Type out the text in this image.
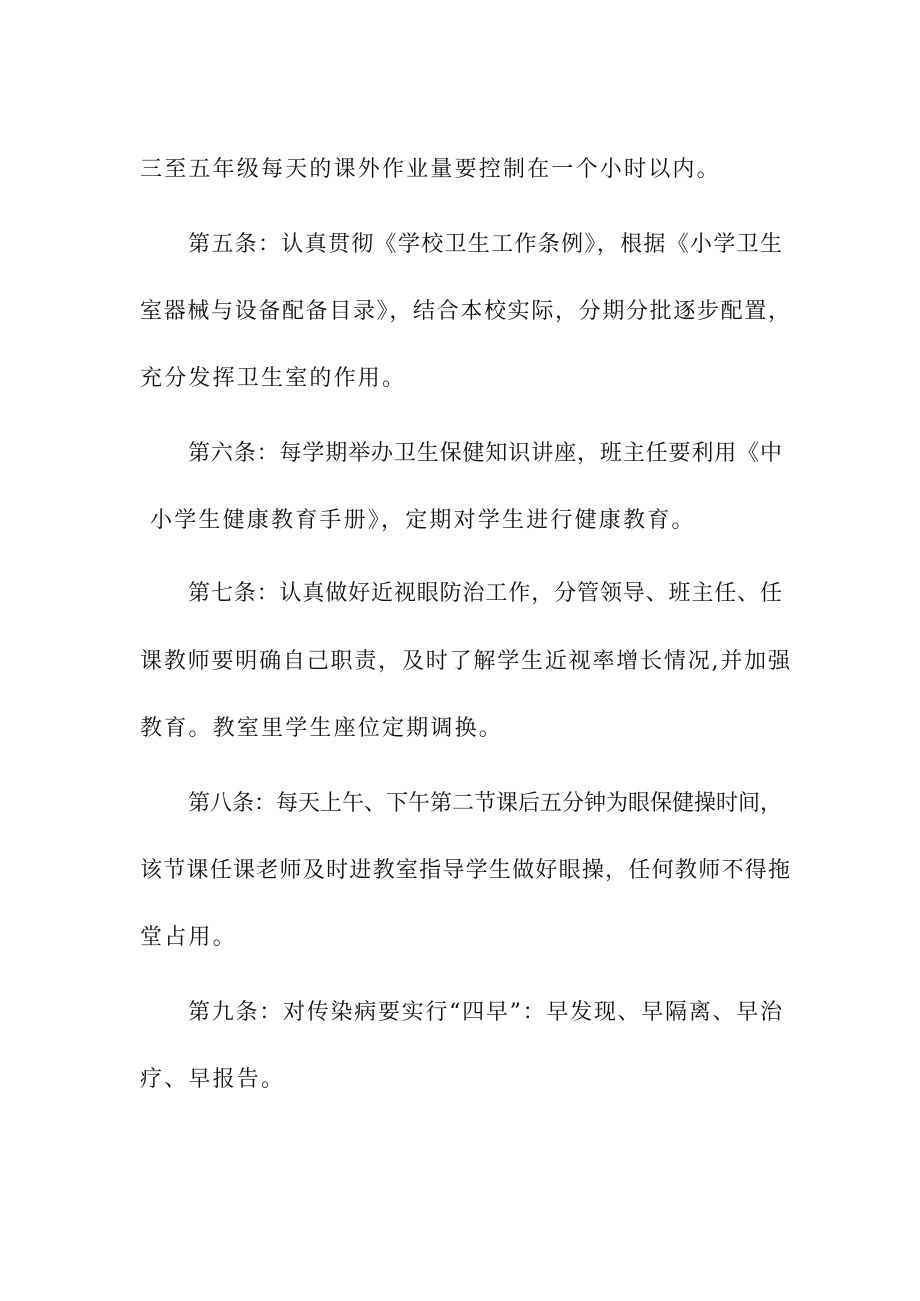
三至五年级每天的课外作业量要控制在一个小时以内。

第五条：认真贯彻《学校卫生工作条例》，根据《小学卫生

室器械与设备配备目录》，结合本校实际，分期分批逐步配置，

充分发挥卫生室的作用。

第六条：每学期举办卫生保健知识讲座，班主任要利用《中

小学生健康教育手册》，定期对学生进行健康教育。

第七条：认真做好近视眼防治工作，分管领导、班主任、任

课教师要明确自己职责，及时了解学生近视率增长情况,并加强

教育。教室里学生座位定期调换。

第八条：每天上午、下午第二节课后五分钟为眼保健操时间，

该节课任课老师及时进教室指导学生做好眼操，任何教师不得拖

堂占用。

第九条：对传染病要实行“四早”：早发现、早隔离、早治

疗、早报告。
